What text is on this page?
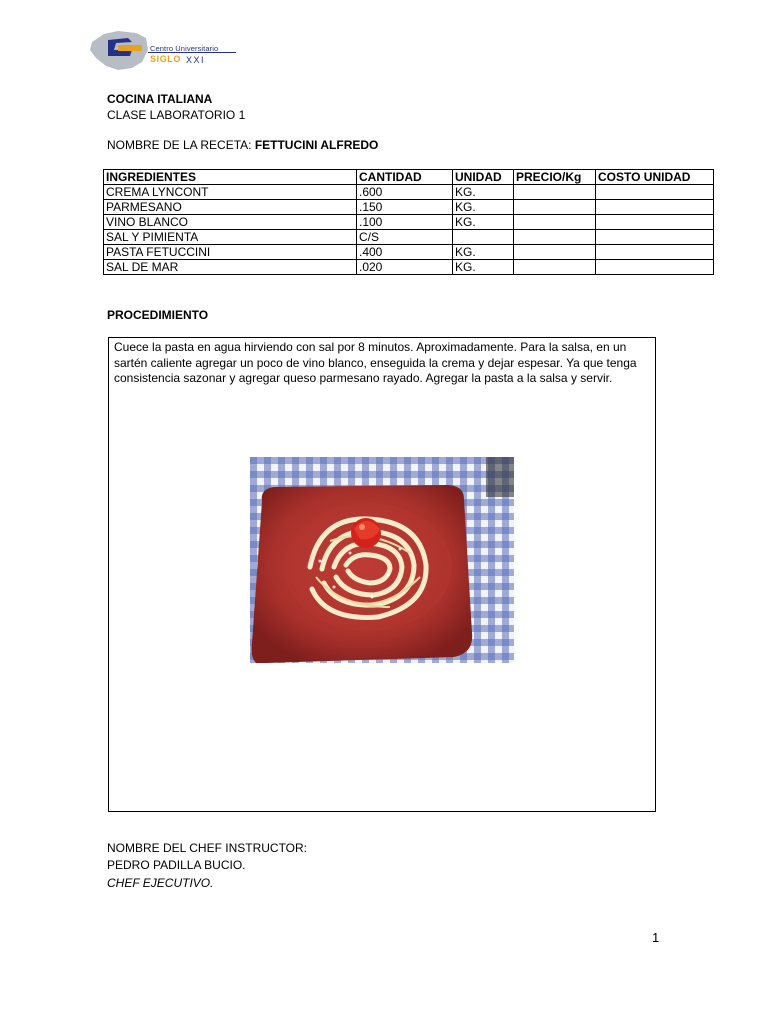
Centro Universitario
SIGLO XXI
COCINA ITALIANA
CLASE LABORATORIO 1
NOMBRE DE LA RECETA: FETTUCINI ALFREDO
INGREDIENTES	CANTIDAD	UNIDAD	PRECIO/Kg	COSTO UNIDAD
CREMA LYNCONT	.600	KG.		
PARMESANO	.150	KG.		
VINO BLANCO	.100	KG.		
SAL Y PIMIENTA	C/S			
PASTA FETUCCINI	.400	KG.		
SAL DE MAR	.020	KG.		
PROCEDIMIENTO
Cuece la pasta en agua hirviendo con sal por 8 minutos. Aproximadamente. Para la salsa, en un sartén caliente agregar un poco de vino blanco, enseguida la crema y dejar espesar. Ya que tenga consistencia sazonar y agregar queso parmesano rayado. Agregar la pasta a la salsa y servir.
NOMBRE DEL CHEF INSTRUCTOR:
PEDRO PADILLA BUCIO.
CHEF EJECUTIVO.
1
